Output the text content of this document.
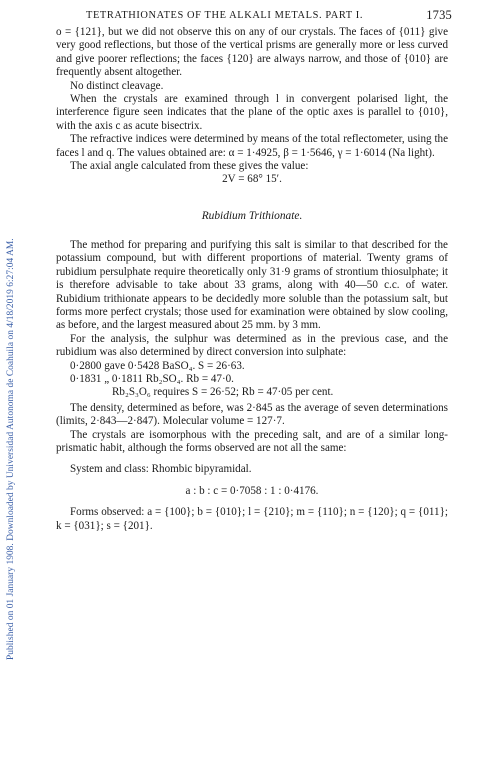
Published on 01 January 1908. Downloaded by Universidad Autonoma de Coahuila on 4/18/2019 6:27:04 AM.
TETRATHIONATES OF THE ALKALI METALS. PART I.	1735

o = {121}, but we did not observe this on any of our crystals. The faces of {011} give very good reflections, but those of the vertical prisms are generally more or less curved and give poorer reflections; the faces {120} are always narrow, and those of {010} are frequently absent altogether.

No distinct cleavage.

When the crystals are examined through l in convergent polarised light, the interference figure seen indicates that the plane of the optic axes is parallel to {010}, with the axis c as acute bisectrix.

The refractive indices were determined by means of the total reflectometer, using the faces l and q. The values obtained are: α = 1·4925, β = 1·5646, γ = 1·6014 (Na light).

The axial angle calculated from these gives the value:

2V = 68° 15′.

Rubidium Trithionate.

The method for preparing and purifying this salt is similar to that described for the potassium compound, but with different proportions of material. Twenty grams of rubidium persulphate require theoretically only 31·9 grams of strontium thiosulphate; it is therefore advisable to take about 33 grams, along with 40—50 c.c. of water. Rubidium trithionate appears to be decidedly more soluble than the potassium salt, but forms more perfect crystals; those used for examination were obtained by slow cooling, as before, and the largest measured about 25 mm. by 3 mm.

For the analysis, the sulphur was determined as in the previous case, and the rubidium was also determined by direct conversion into sulphate:

0·2800 gave 0·5428 BaSO₄. S = 26·63.
0·1831 „ 0·1811 Rb₂SO₄. Rb = 47·0.
Rb₂S₃O₆ requires S = 26·52; Rb = 47·05 per cent.

The density, determined as before, was 2·845 as the average of seven determinations (limits, 2·843—2·847). Molecular volume = 127·7.

The crystals are isomorphous with the preceding salt, and are of a similar long-prismatic habit, although the forms observed are not all the same:

System and class: Rhombic bipyramidal.
a : b : c = 0·7058 : 1 : 0·4176.

Forms observed: a = {100}; b = {010}; l = {210}; m = {110}; n = {120}; q = {011}; k = {031}; s = {201}.
